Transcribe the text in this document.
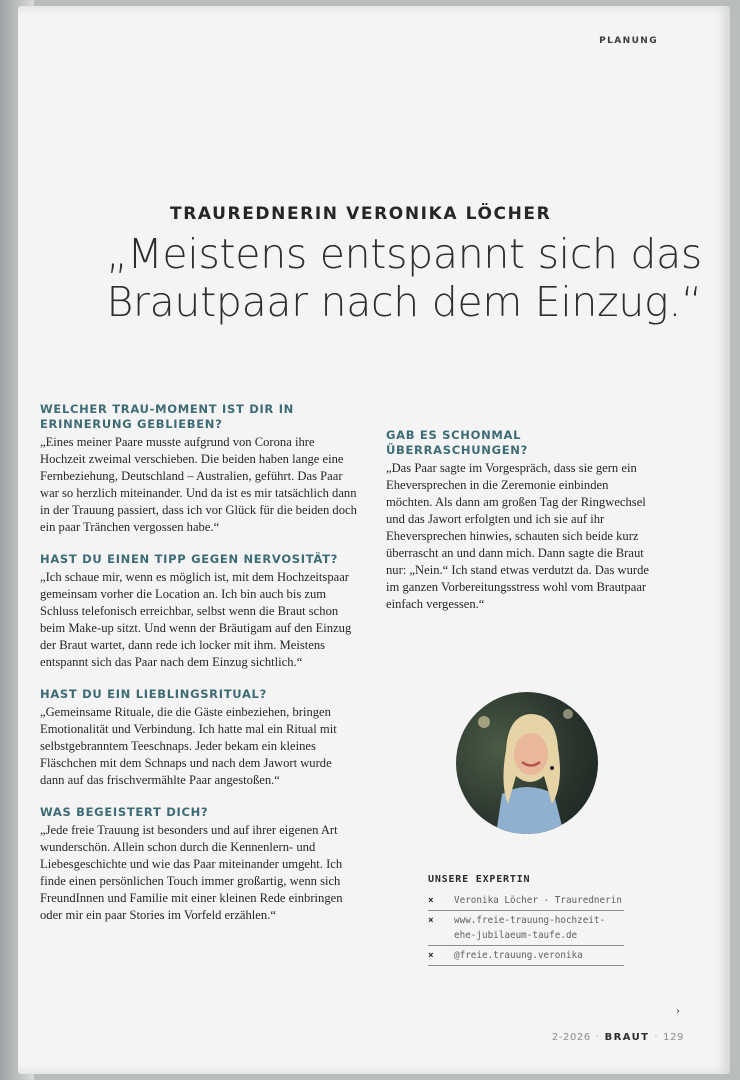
PLANUNG
TRAUREDNERIN VERONIKA LÖCHER
„Meistens entspannt sich das
Brautpaar nach dem Einzug.“

WELCHER TRAU-MOMENT IST DIR IN ERINNERUNG GEBLIEBEN?

„Eines meiner Paare musste aufgrund von Corona ihre Hochzeit zweimal verschieben. Die beiden haben lange eine Fernbeziehung, Deutschland – Australien, geführt. Das Paar war so herzlich miteinander. Und da ist es mir tatsächlich dann in der Trauung passiert, dass ich vor Glück für die beiden doch ein paar Tränchen vergossen habe.“

HAST DU EINEN TIPP GEGEN NERVOSITÄT?

„Ich schaue mir, wenn es möglich ist, mit dem Hochzeitspaar gemeinsam vorher die Location an. Ich bin auch bis zum Schluss telefonisch erreichbar, selbst wenn die Braut schon beim Make-up sitzt. Und wenn der Bräutigam auf den Einzug der Braut wartet, dann rede ich locker mit ihm. Meistens entspannt sich das Paar nach dem Einzug sichtlich.“

HAST DU EIN LIEBLINGSRITUAL?

„Gemeinsame Rituale, die die Gäste einbeziehen, bringen Emotionalität und Verbindung. Ich hatte mal ein Ritual mit selbstgebranntem Teeschnaps. Jeder bekam ein kleines Fläschchen mit dem Schnaps und nach dem Jawort wurde dann auf das frischvermählte Paar angestoßen.“

WAS BEGEISTERT DICH?

„Jede freie Trauung ist besonders und auf ihrer eigenen Art wunderschön. Allein schon durch die Kennenlern- und Liebesgeschichte und wie das Paar miteinander umgeht. Ich finde einen persönlichen Touch immer großartig, wenn sich FreundInnen und Familie mit einer kleinen Rede einbringen oder mir ein paar Stories im Vorfeld erzählen.“

GAB ES SCHONMAL ÜBERRASCHUNGEN?

„Das Paar sagte im Vorgespräch, dass sie gern ein Eheversprechen in die Zeremonie einbinden möchten. Als dann am großen Tag der Ringwechsel und das Jawort erfolgten und ich sie auf ihr Eheversprechen hinwies, schauten sich beide kurz überrascht an und dann mich. Dann sagte die Braut nur: „Nein.“ Ich stand etwas verdutzt da. Das wurde im ganzen Vorbereitungsstress wohl vom Brautpaar einfach vergessen.“

UNSERE EXPERTIN
×	Veronika Löcher - Traurednerin
×	www.freie-trauung-hochzeit-ehe-jubilaeum-taufe.de
×	@freie.trauung.veronika
›
2-2026 · BRAUT · 129
